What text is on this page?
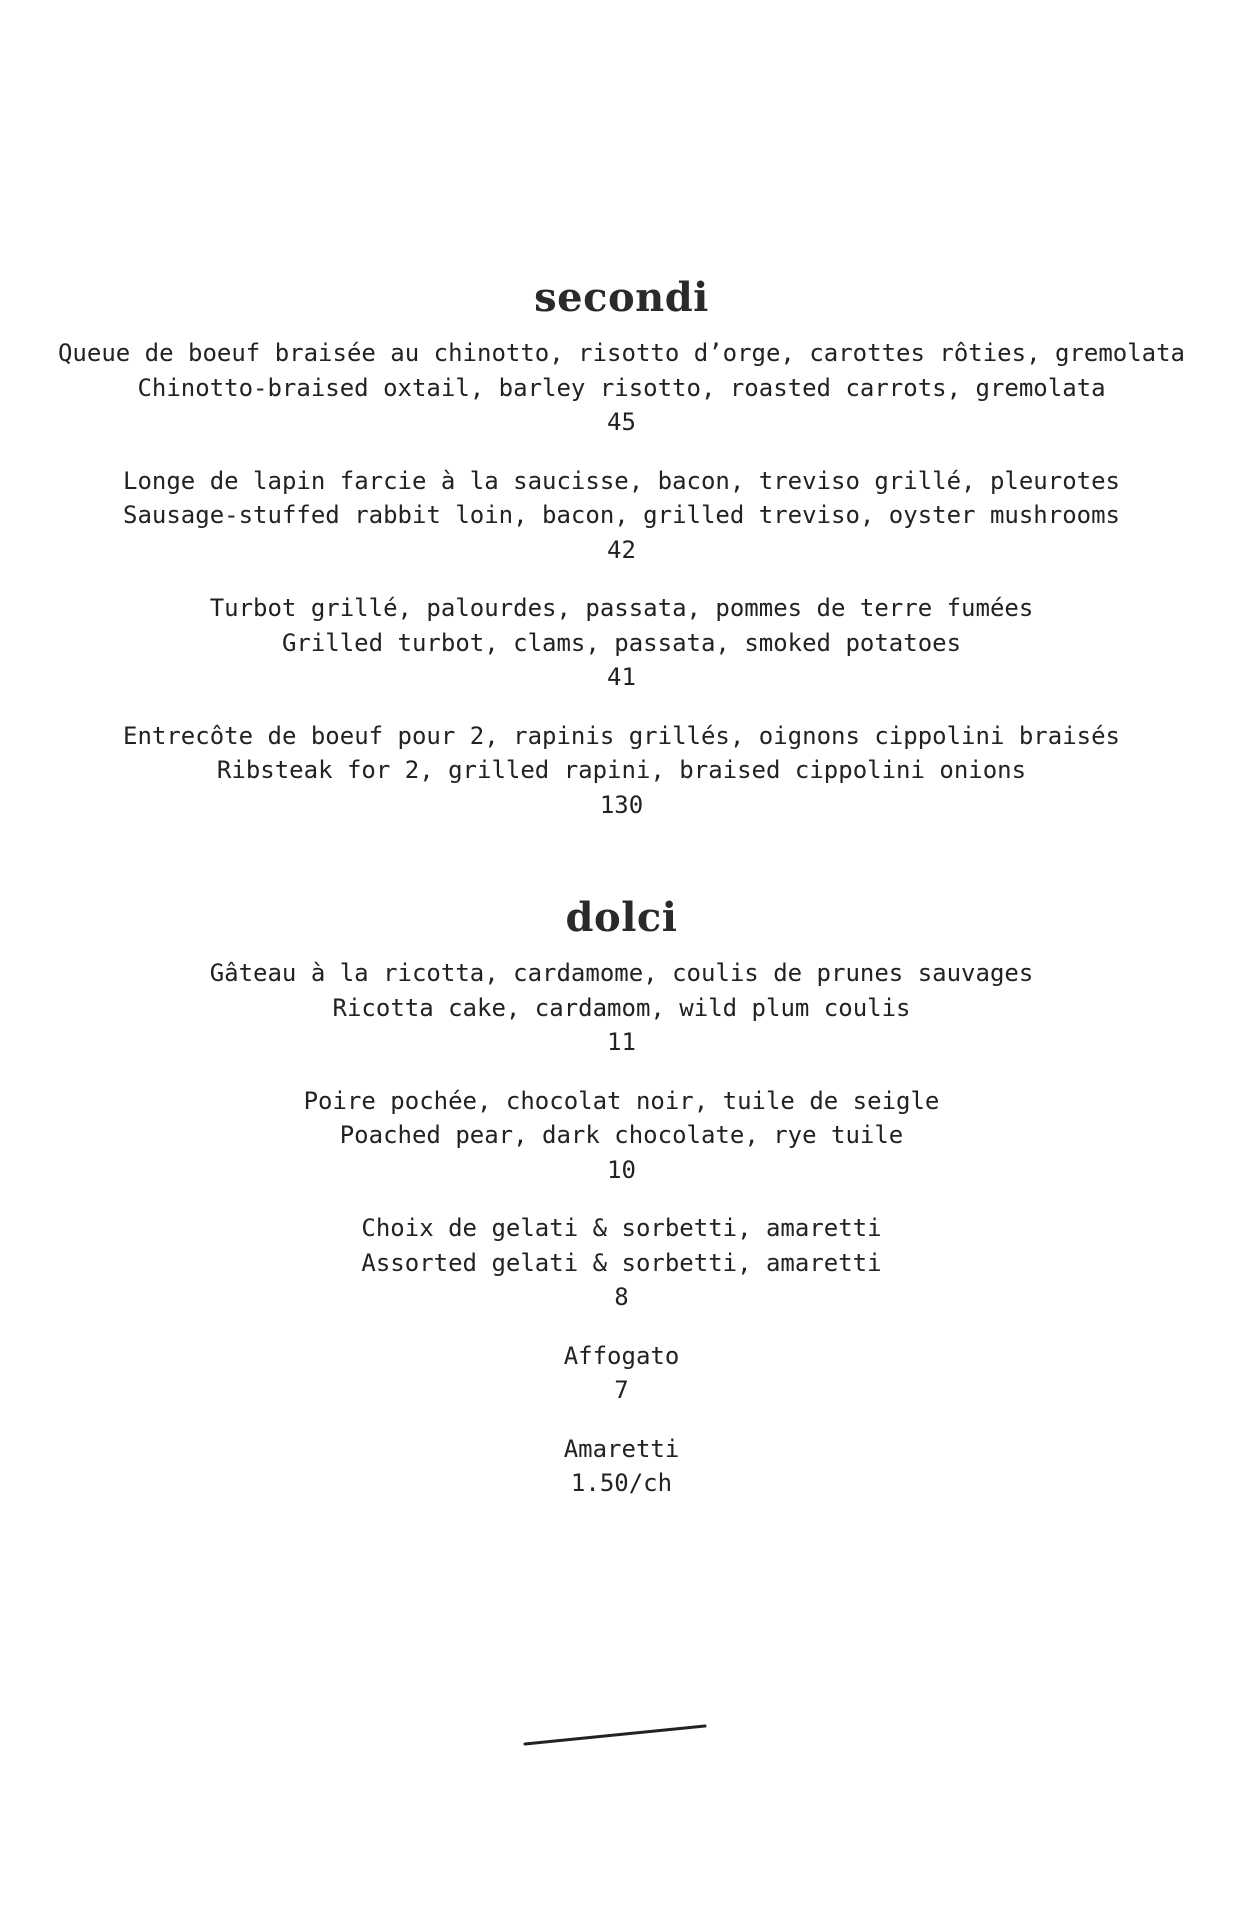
secondi
Queue de boeuf braisée au chinotto, risotto d’orge, carottes rôties, gremolata
Chinotto-braised oxtail, barley risotto, roasted carrots, gremolata
45
Longe de lapin farcie à la saucisse, bacon, treviso grillé, pleurotes
Sausage-stuffed rabbit loin, bacon, grilled treviso, oyster mushrooms
42
Turbot grillé, palourdes, passata, pommes de terre fumées
Grilled turbot, clams, passata, smoked potatoes
41
Entrecôte de boeuf pour 2, rapinis grillés, oignons cippolini braisés
Ribsteak for 2, grilled rapini, braised cippolini onions
130
dolci
Gâteau à la ricotta, cardamome, coulis de prunes sauvages
Ricotta cake, cardamom, wild plum coulis
11
Poire pochée, chocolat noir, tuile de seigle
Poached pear, dark chocolate, rye tuile
10
Choix de gelati & sorbetti, amaretti
Assorted gelati & sorbetti, amaretti
8
Affogato
7
Amaretti
1.50/ch
